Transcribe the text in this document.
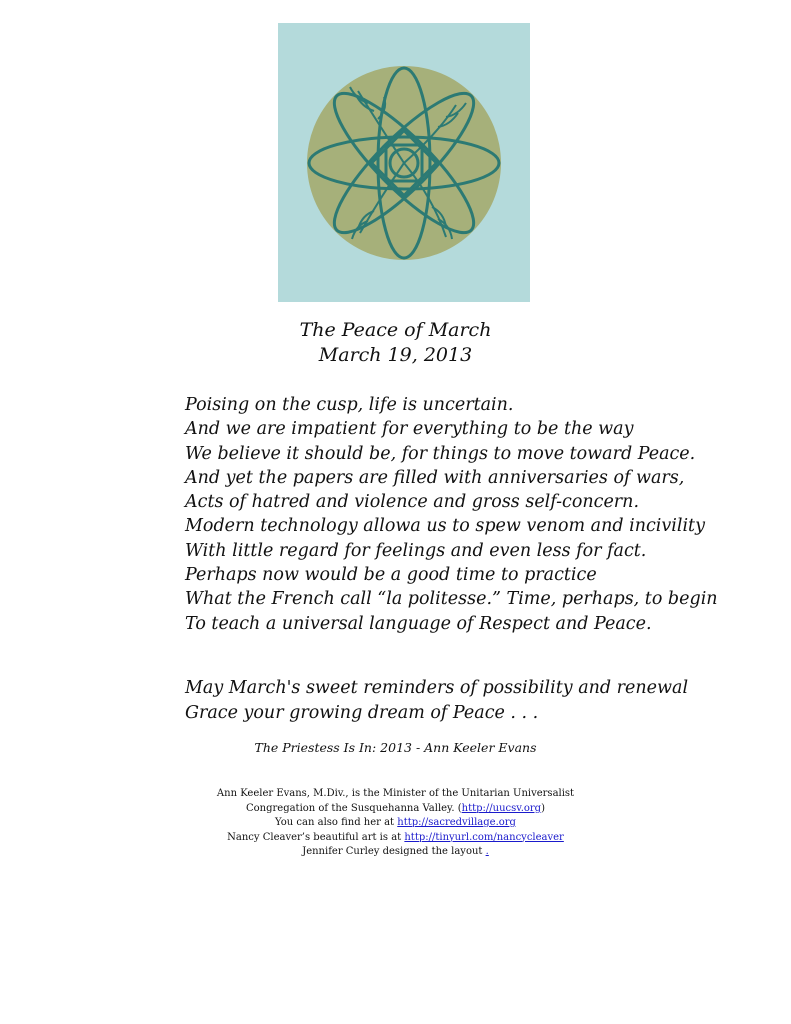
The Peace of March
March 19, 2013
Poising on the cusp, life is uncertain.
And we are impatient for everything to be the way
We believe it should be, for things to move toward Peace.
And yet the papers are filled with anniversaries of wars,
Acts of hatred and violence and gross self-concern.
Modern technology allowa us to spew venom and incivility
With little regard for feelings and even less for fact.
Perhaps now would be a good time to practice
What the French call “la politesse.” Time, perhaps, to begin
To teach a universal language of Respect and Peace.
May March's sweet reminders of possibility and renewal
Grace your growing dream of Peace . . .
The Priestess Is In: 2013 - Ann Keeler Evans
Ann Keeler Evans, M.Div., is the Minister of the Unitarian Universalist
Congregation of the Susquehanna Valley. (http://uucsv.org)
You can also find her at http://sacredvillage.org
Nancy Cleaver’s beautiful art is at http://tinyurl.com/nancycleaver
Jennifer Curley designed the layout .
